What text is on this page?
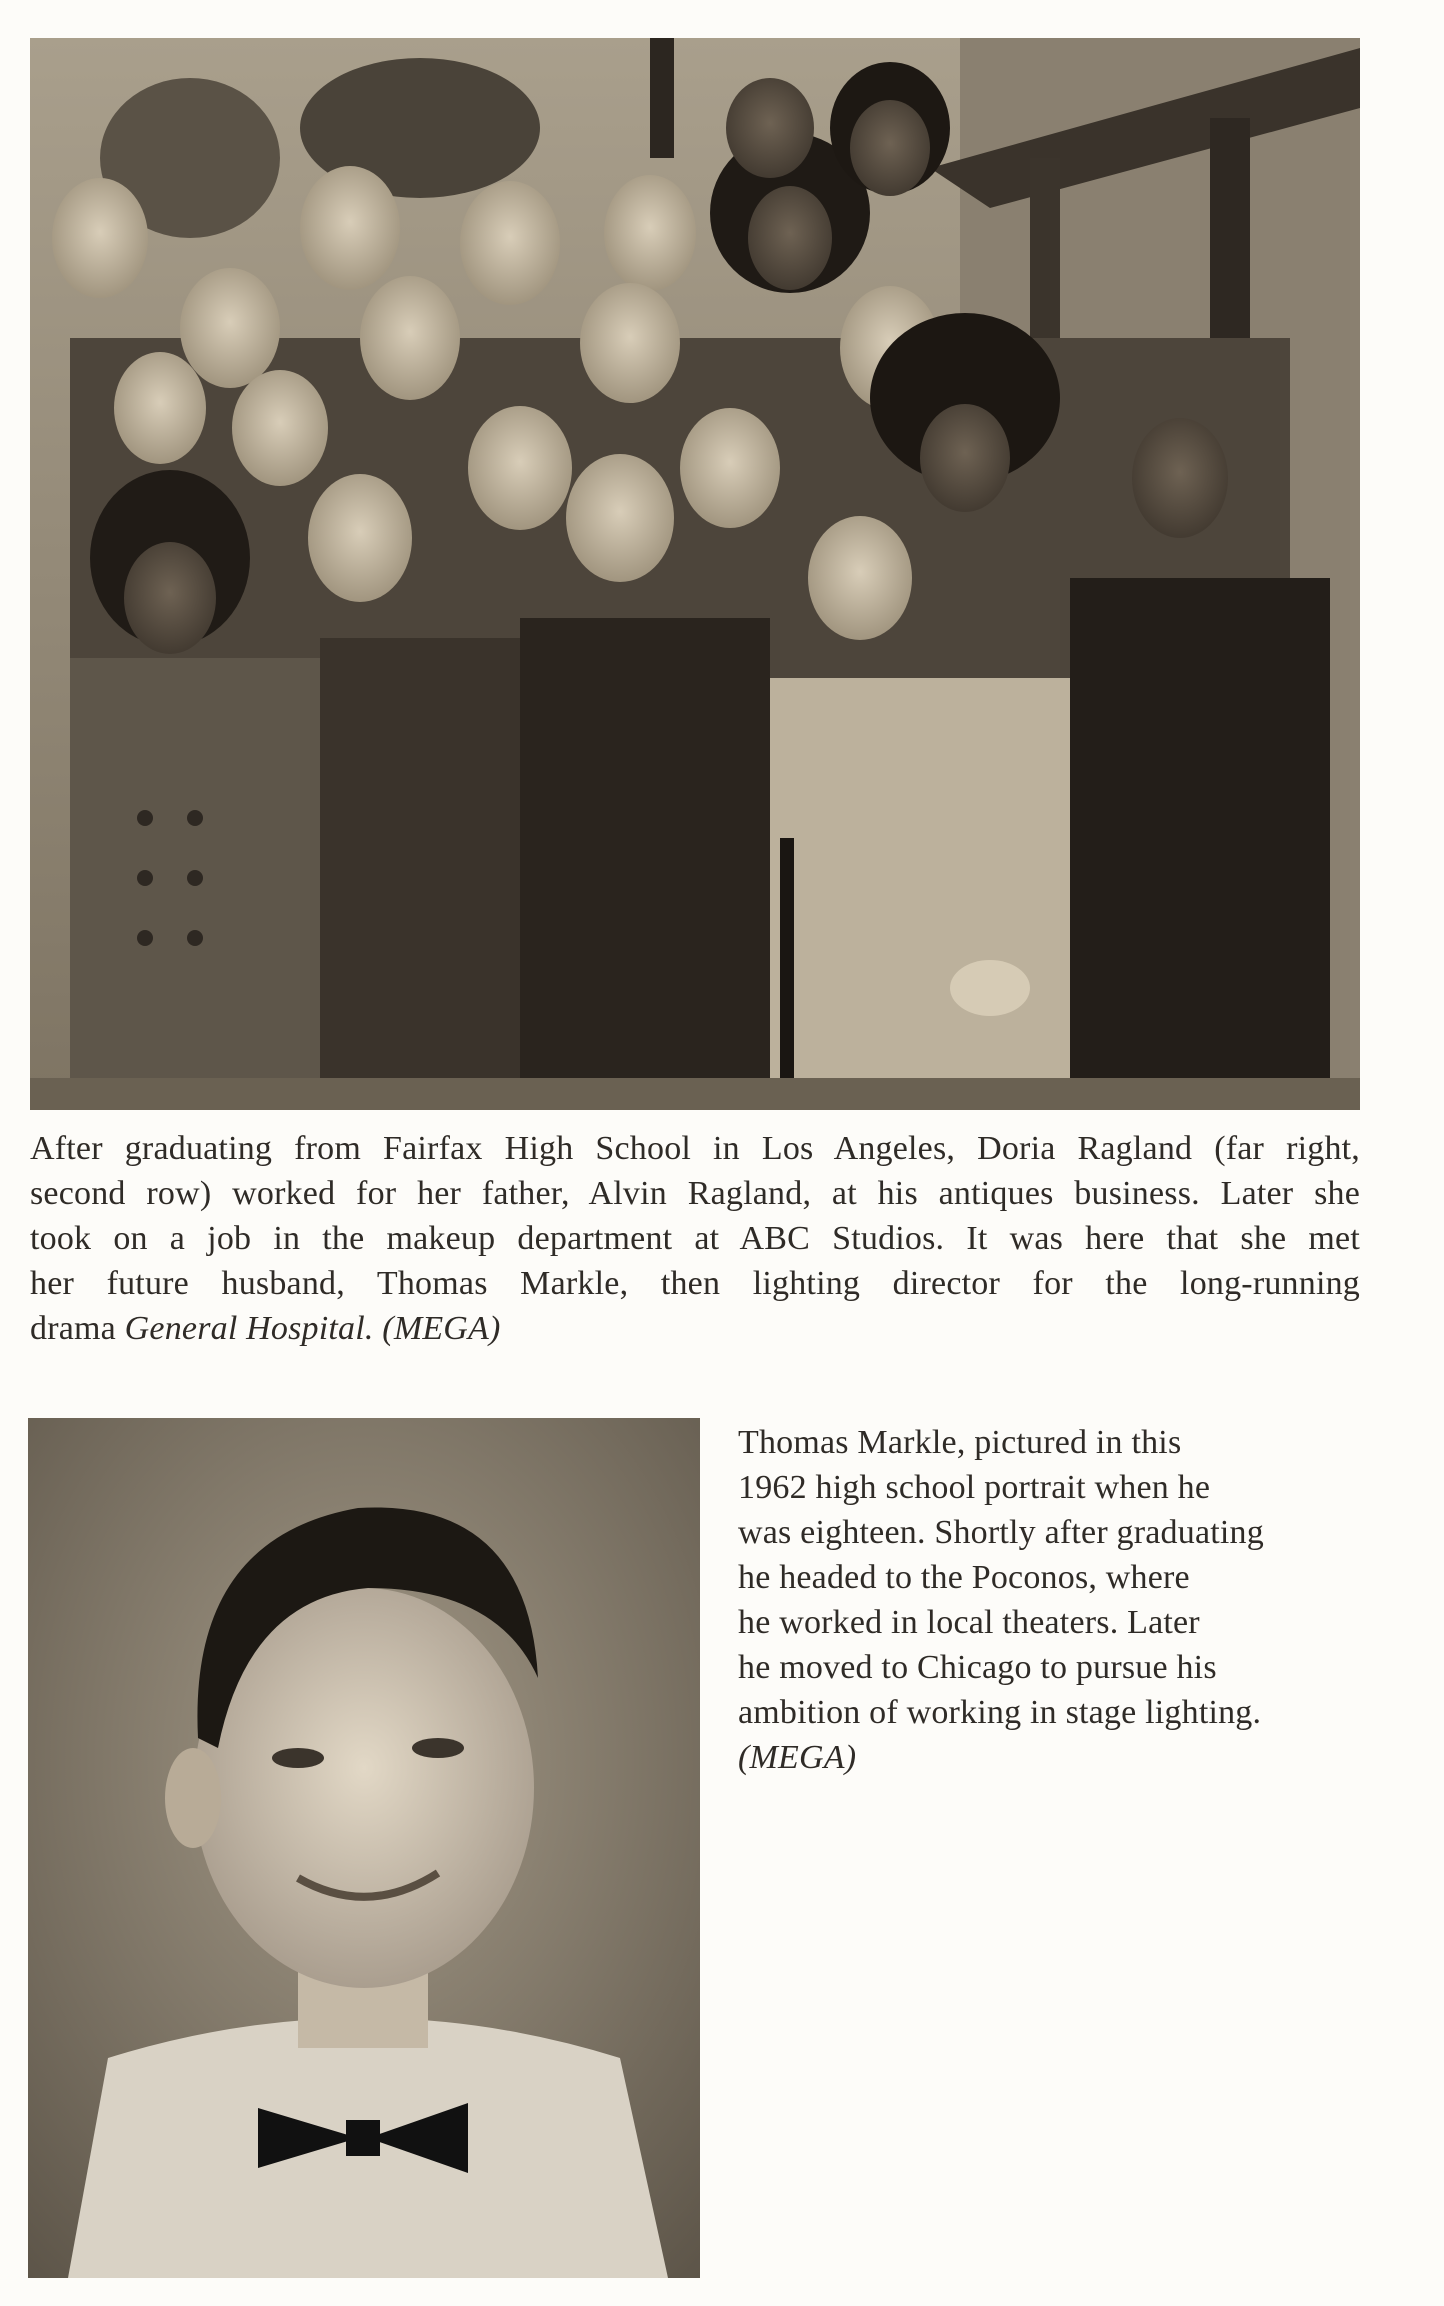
After graduating from Fairfax High School in Los Angeles, Doria Ragland (far right,
second row) worked for her father, Alvin Ragland, at his antiques business. Later she
took on a job in the makeup department at ABC Studios. It was here that she met
her future husband, Thomas Markle, then lighting director for the long-running
drama General Hospital. (MEGA)
Thomas Markle, pictured in this
1962 high school portrait when he
was eighteen. Shortly after graduating
he headed to the Poconos, where
he worked in local theaters. Later
he moved to Chicago to pursue his
ambition of working in stage lighting.
(MEGA)
